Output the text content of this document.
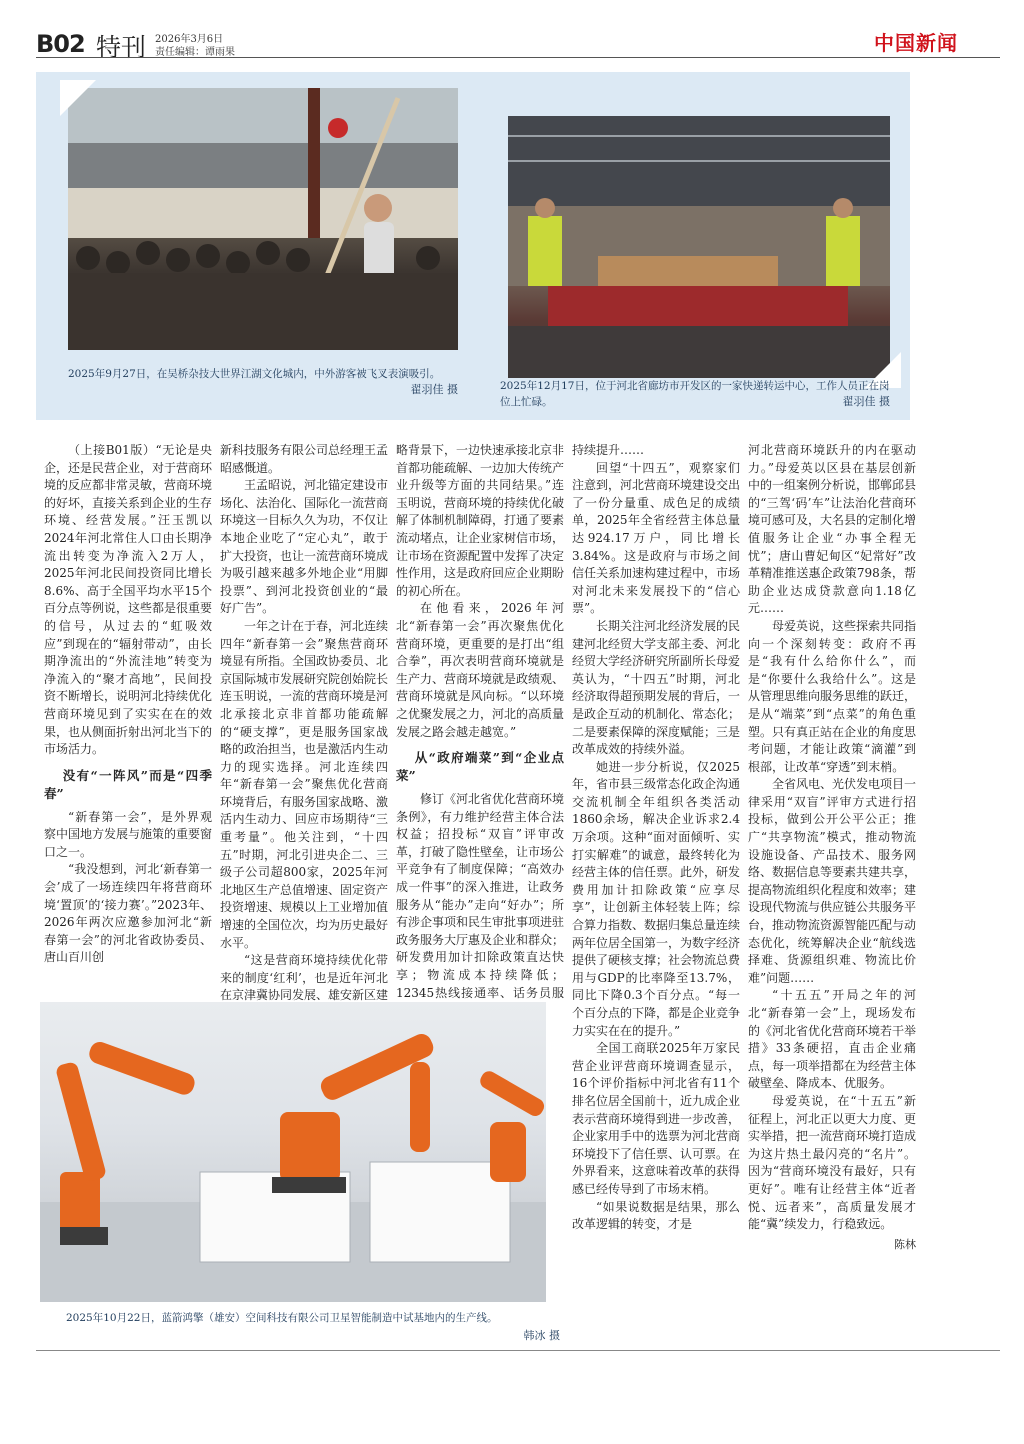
B02 特刊 2026年3月6日
责任编辑：谭雨果	中国新闻
2025年9月27日，在吴桥杂技大世界江湖文化城内，中外游客被飞叉表演吸引。
翟羽佳 摄	2025年12月17日，位于河北省廊坊市开发区的一家快递转运中心，工作人员正在岗位上忙碌。	翟羽佳 摄

（上接B01版）“无论是央企，还是民营企业，对于营商环境的反应都非常灵敏，营商环境的好坏，直接关系到企业的生存环境、经营发展。”汪玉凯以2024年河北常住人口由长期净流出转变为净流入2万人，2025年河北民间投资同比增长8.6%、高于全国平均水平15个百分点等例说，这些都是很重要的信号，从过去的“虹吸效应”到现在的“辐射带动”，由长期净流出的“外流洼地”转变为净流入的“聚才高地”，民间投资不断增长，说明河北持续优化营商环境见到了实实在在的效果，也从侧面折射出河北当下的市场活力。

没有“一阵风”而是“四季春”

“新春第一会”，是外界观察中国地方发展与施策的重要窗口之一。

“我没想到，河北‘新春第一会’成了一场连续四年将营商环境‘置顶’的‘接力赛’。”2023年、2026年两次应邀参加河北“新春第一会”的河北省政协委员、唐山百川创

新科技服务有限公司总经理王孟昭感慨道。

王孟昭说，河北锚定建设市场化、法治化、国际化一流营商环境这一目标久久为功，不仅让本地企业吃了“定心丸”，敢于扩大投资，也让一流营商环境成为吸引越来越多外地企业“用脚投票”、到河北投资创业的“最好广告”。

一年之计在于春，河北连续四年“新春第一会”聚焦营商环境显有所指。全国政协委员、北京国际城市发展研究院创始院长连玉明说，一流的营商环境是河北承接北京非首都功能疏解的“硬支撑”，更是服务国家战略的政治担当，也是激活内生动力的现实选择。河北连续四年“新春第一会”聚焦优化营商环境背后，有服务国家战略、激活内生动力、回应市场期待“三重考量”。他关注到，“十四五”时期，河北引进央企二、三级子公司超800家，2025年河北地区生产总值增速、固定资产投资增速、规模以上工业增加值增速的全国位次，均为历史最好水平。

“这是营商环境持续优化带来的制度‘红利’，也是近年河北在京津冀协同发展、雄安新区建

略背景下，一边快速承接北京非首都功能疏解、一边加大传统产业升级等方面的共同结果。”连玉明说，营商环境的持续优化破解了体制机制障碍，打通了要素流动堵点，让企业家树信市场，让市场在资源配置中发挥了决定性作用，这是政府回应企业期盼的初心所在。

在他看来，2026年河北“新春第一会”再次聚焦优化营商环境，更重要的是打出“组合拳”，再次表明营商环境就是生产力、营商环境就是政绩观、营商环境就是风向标。“以环境之优聚发展之力，河北的高质量发展之路会越走越宽。”

从“政府端菜”到“企业点菜”

修订《河北省优化营商环境条例》，有力维护经营主体合法权益；招投标“双盲”评审改革，打破了隐性壁垒，让市场公平竞争有了制度保障；“高效办成一件事”的深入推进，让政务服务从“能办”走向“好办”；所有涉企事项和民生审批事项进驻政务服务大厅惠及企业和群众；研发费用加计扣除政策直达快享；物流成本持续降低；12345热线接通率、话务员服

持续提升……

回望“十四五”，观察家们注意到，河北营商环境建设交出了一份分量重、成色足的成绩单，2025年全省经营主体总量达924.17万户，同比增长3.84%。这是政府与市场之间信任关系加速构建过程中，市场对河北未来发展投下的“信心票”。

长期关注河北经济发展的民建河北经贸大学支部主委、河北经贸大学经济研究所副所长母爱英认为，“十四五”时期，河北经济取得超预期发展的背后，一是政企互动的机制化、常态化；二是要素保障的深度赋能；三是改革成效的持续外溢。

她进一步分析说，仅2025年，省市县三级常态化政企沟通交流机制全年组织各类活动1860余场，解决企业诉求2.4万余项。这种“面对面倾听、实打实解难”的诚意，最终转化为经营主体的信任票。此外，研发费用加计扣除政策“应享尽享”，让创新主体轻装上阵；综合算力指数、数据归集总量连续两年位居全国第一，为数字经济提供了硬核支撑；社会物流总费用与GDP的比率降至13.7%，同比下降0.3个百分点。“每一个百分点的下降，都是企业竞争力实实在在的提升。”

全国工商联2025年万家民营企业评营商环境调查显示，16个评价指标中河北省有11个排名位居全国前十，近九成企业表示营商环境得到进一步改善，企业家用手中的选票为河北营商环境投下了信任票、认可票。在外界看来，这意味着改革的获得感已经传导到了市场末梢。

“如果说数据是结果，那么改革逻辑的转变，才是

河北营商环境跃升的内在驱动力。”母爱英以区县在基层创新中的一组案例分析说，邯郸邱县的“三驾‘码’车”让法治化营商环境可感可及，大名县的定制化增值服务让企业“办事全程无忧”；唐山曹妃甸区“妃常好”改革精准推送惠企政策798条，帮助企业达成贷款意向1.18亿元……

母爱英说，这些探索共同指向一个深刻转变：政府不再是“我有什么给你什么”，而是“你要什么我给什么”。这是从管理思维向服务思维的跃迁，是从“端菜”到“点菜”的角色重塑。只有真正站在企业的角度思考问题，才能让政策“滴灌”到根部，让改革“穿透”到末梢。

全省风电、光伏发电项目一律采用“双盲”评审方式进行招投标，做到公开公平公正；推广“共享物流”模式，推动物流设施设备、产品技术、服务网络、数据信息等要素共建共享，提高物流组织化程度和效率；建设现代物流与供应链公共服务平台，推动物流资源智能匹配与动态优化，统筹解决企业“航线选择难、货源组织难、物流比价难”问题……

“十五五”开局之年的河北“新春第一会”上，现场发布的《河北省优化营商环境若干举措》33条硬招，直击企业痛点，每一项举措都在为经营主体破壁垒、降成本、优服务。

母爱英说，在“十五五”新征程上，河北正以更大力度、更实举措，把一流营商环境打造成为这片热土最闪亮的“名片”。因为“营商环境没有最好，只有更好”。唯有让经营主体“近者悦、远者来”，高质量发展才能“冀”续发力，行稳致远。

陈林
2025年10月22日，蓝箭鸿擎（雄安）空间科技有限公司卫星智能制造中试基地内的生产线。
韩冰 摄
